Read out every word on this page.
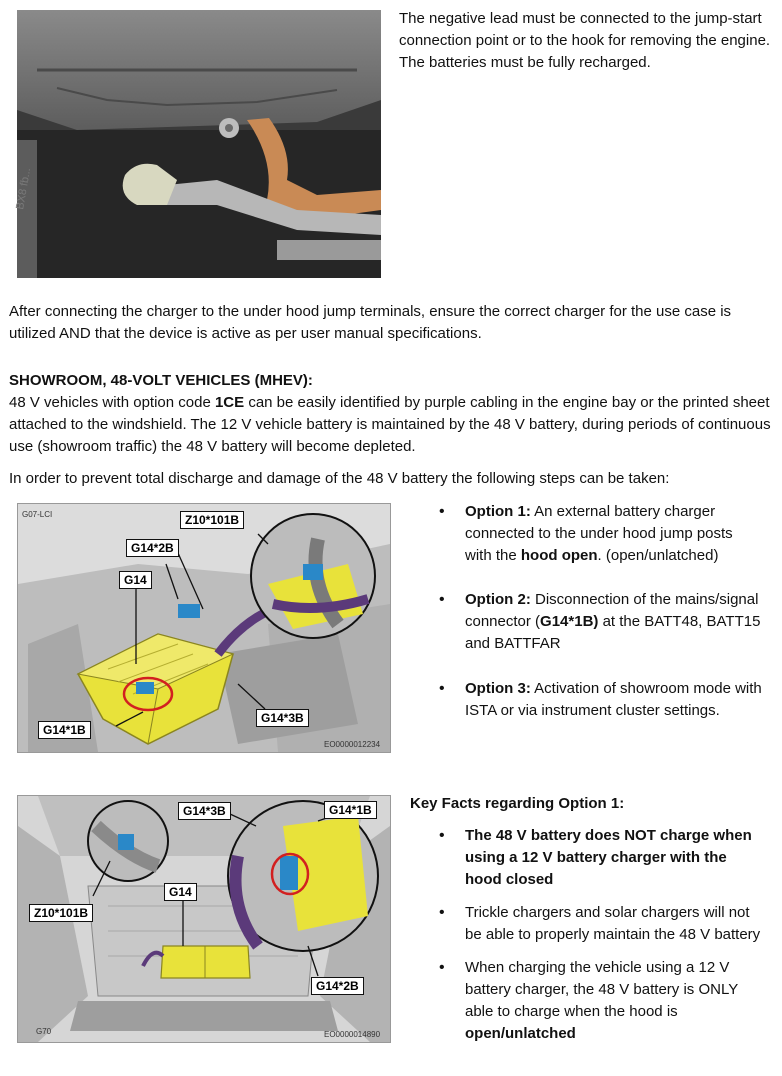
BX8 fb...

The negative lead must be connected to the jump-start connection point or to the hook for removing the engine. The batteries must be fully recharged.

After connecting the charger to the under hood jump terminals, ensure the correct charger for the use case is utilized AND that the device is active as per user manual specifications.

SHOWROOM, 48-VOLT VEHICLES (MHEV):

48 V vehicles with option code 1CE can be easily identified by purple cabling in the engine bay or the printed sheet attached to the windshield. The 12 V vehicle battery is maintained by the 48 V battery, during periods of continuous use (showroom traffic) the 48 V battery will become depleted.

In order to prevent total discharge and damage of the 48 V battery the following steps can be taken:

G07-LCI	Z10*101B
G14*2B
G14
G14*1B
G14*3B
EO0000012234
• Option 1: An external battery charger connected to the under hood jump posts with the hood open. (open/unlatched)
• Option 2: Disconnection of the mains/signal connector (G14*1B) at the BATT48, BATT15 and BATTFAR
• Option 3: Activation of showroom mode with ISTA or via instrument cluster settings.
G70
G14*3B	G14*1B
G14
Z10*101B
G14*2B
EO0000014890

Key Facts regarding Option 1:

• The 48 V battery does NOT charge when using a 12 V battery charger with the hood closed
• Trickle chargers and solar chargers will not be able to properly maintain the 48 V battery
• When charging the vehicle using a 12 V battery charger, the 48 V battery is ONLY able to charge when the hood is open/unlatched
